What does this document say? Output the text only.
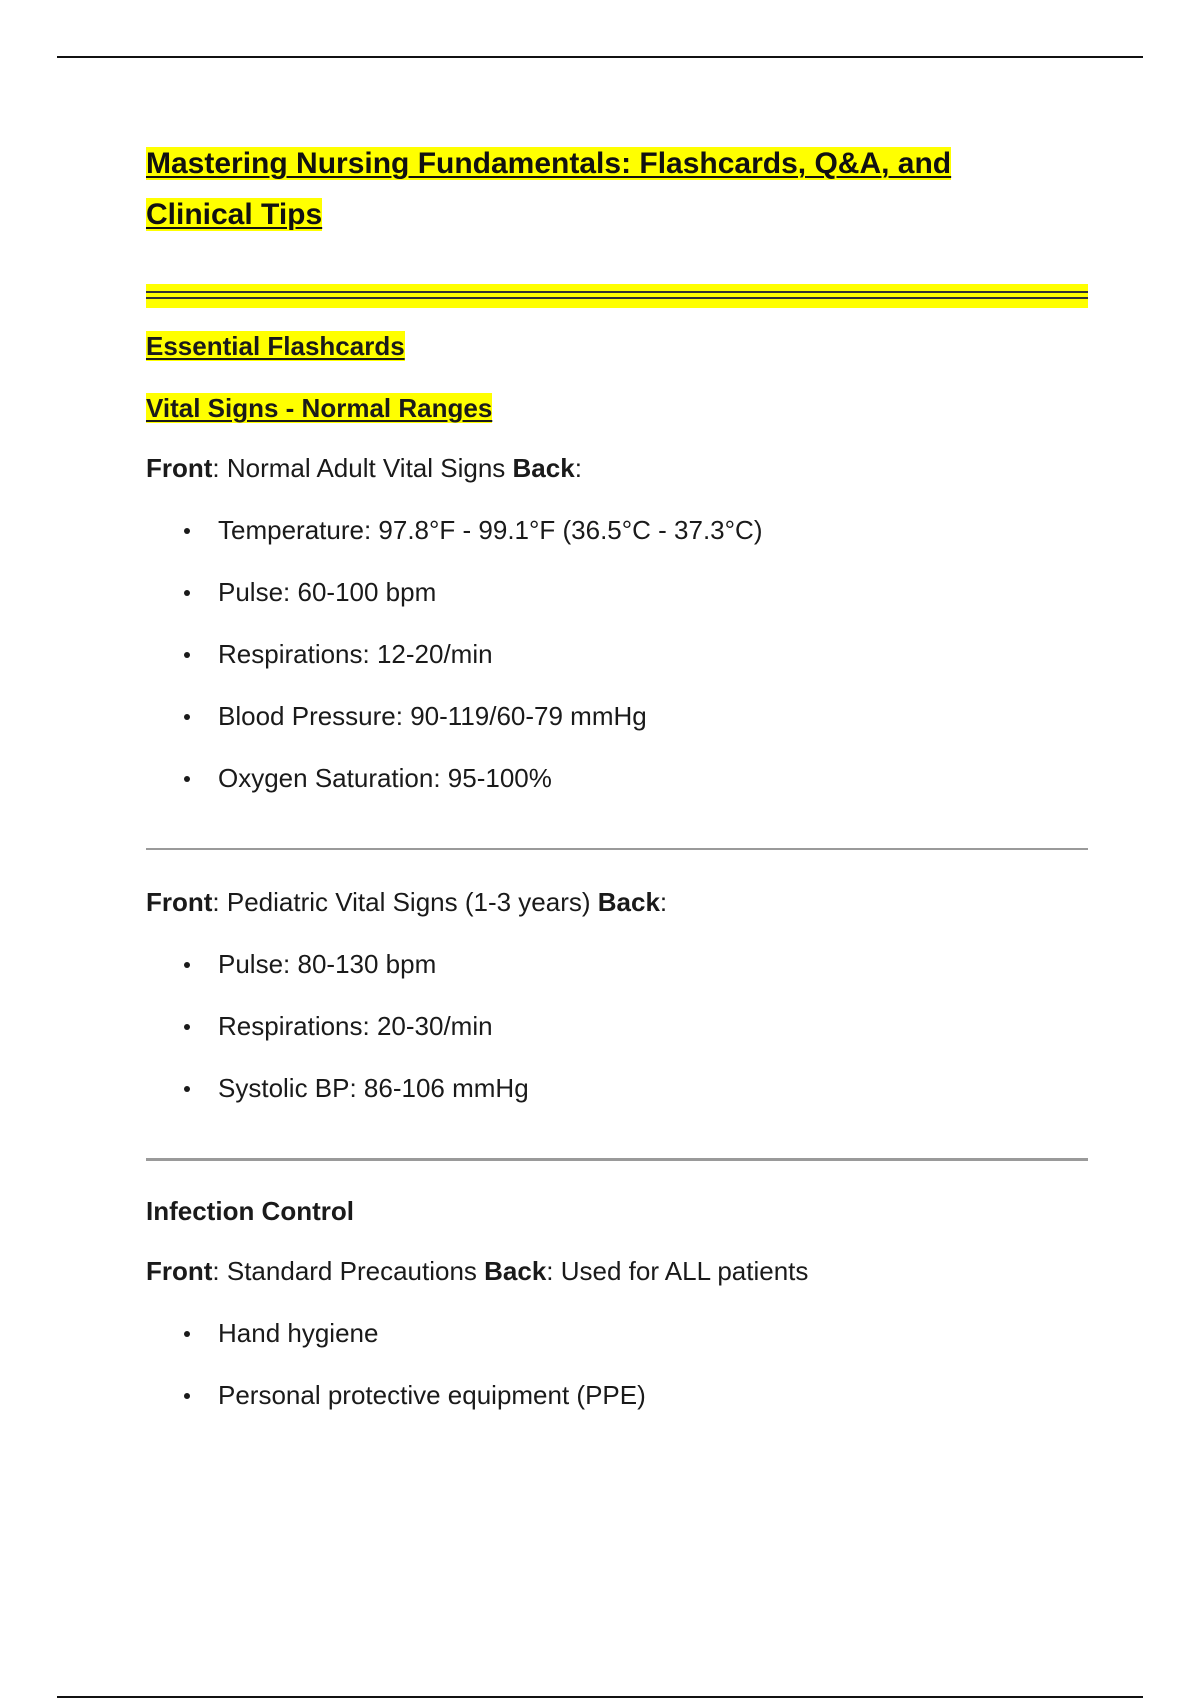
Mastering Nursing Fundamentals: Flashcards, Q&A, and
Clinical Tips

Essential Flashcards

Vital Signs - Normal Ranges

Front: Normal Adult Vital Signs Back:

Temperature: 97.8°F - 99.1°F (36.5°C - 37.3°C)
Pulse: 60-100 bpm
Respirations: 12-20/min
Blood Pressure: 90-119/60-79 mmHg
Oxygen Saturation: 95-100%

Front: Pediatric Vital Signs (1-3 years) Back:

Pulse: 80-130 bpm
Respirations: 20-30/min
Systolic BP: 86-106 mmHg

Infection Control

Front: Standard Precautions Back: Used for ALL patients

Hand hygiene
Personal protective equipment (PPE)
